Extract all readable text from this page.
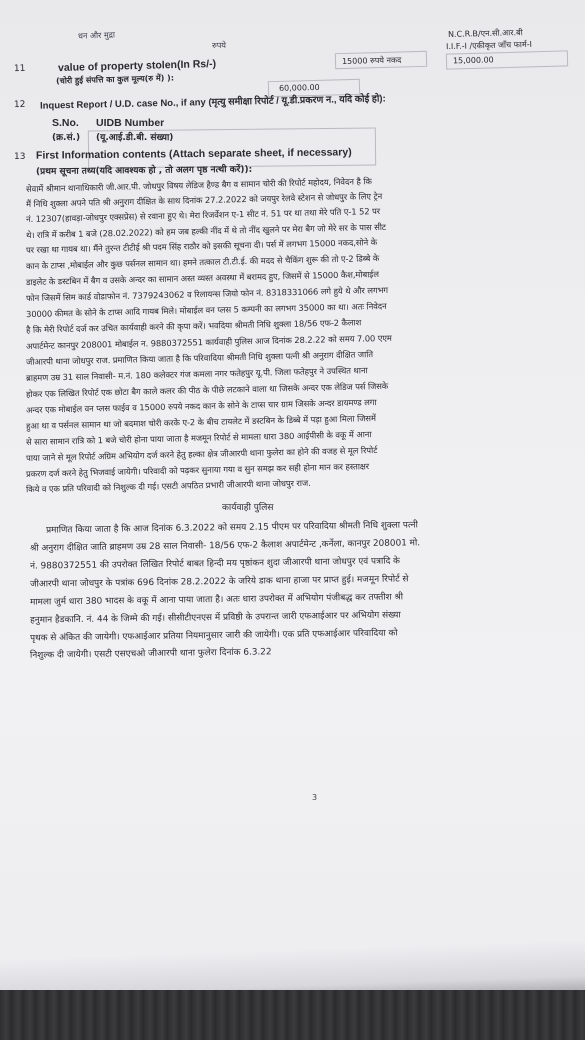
धन और मुद्रा
रुपये
15000 रुपये नकद
N.C.R.B/एन.सी.आर.बी
I.I.F.-I /एकीकृत जाँच फार्म-I
15,000.00
11	value of property stolen(In Rs/-)
(चोरी हुई संपत्ति का कुल मूल्य(रु में) ):
60,000.00
12 Inquest Report / U.D. case No., if any (मृत्यु समीक्षा रिपोर्ट / यू.डी.प्रकरण न., यदि कोई हो):
S.No.
(क्र.सं.)
UIDB Number
(यू.आई.डी.बी. संख्या)
13 First Information contents (Attach separate sheet, if necessary)
(प्रथम सूचना तथ्य(यदि आवश्यक हो , तो अलग पृष्ठ नत्थी करें)):
सेवामें श्रीमान थानाधिकारी जी.आर.पी. जोधपुर विषय लेडिज हैण्ड बैग व सामान चोरी की रिपोर्ट महोदय, निवेदन है कि
मैं निधि शुक्ला अपने पति श्री अनुराग दीक्षित के साथ दिनांक 27.2.2022 को जयपुर रेलवे स्टेशन से जोधपुर के लिए ट्रेन
नं. 12307(हावड़ा-जोधपुर एक्सप्रेस) से रवाना हुए थे। मेरा रिजर्वेशन ए-1 सीट नं. 51 पर था तथा मेरे पति ए-1 52 पर
थे। रात्रि में करीब 1 बजे (28.02.2022) को हम जब हल्की नींद में थे तो नींद खुलने पर मेरा बैग जो मेरे सर के पास सीट
पर रखा था गायब था। मैंने तुरन्त टीटीई श्री पदम सिंह राठौर को इसकी सूचना दी। पर्स में लगभग 15000 नकद,सोने के
कान के टाप्स ,मोबाईल और कुछ पर्सनल सामान था। हमने तत्काल टी.टी.ई. की मदद से चैकिंग शुरू की तो ए-2 डिब्बे के
डाइलेट के डस्टबिन में बैग व उसके अन्दर का सामान अस्त व्यस्त अवस्था में बरामद हुए, जिसमें से 15000 कैश,मोबाईल
फोन जिसमें सिम कार्ड वोडाफोन नं. 7379243062 व रिलायन्स जियो फोन नं. 8318331066 लगे हुये थे और लगभग
30000 कीमत के सोने के टाप्स आदि गायब मिले। मोबाईल वन प्लस 5 कम्पनी का लगभग 35000 का था। अतः निवेदन
है कि मेरी रिपोर्ट दर्ज कर उचित कार्यवाही करने की कृपा करें। भवदिया श्रीमती निधि शुक्ला 18/56 एफ-2 कैलाश
अपार्टमेन्ट कानपुर 208001 मोबाईल न. 9880372551 कार्यवाही पुलिस आज दिनांक 28.2.22 को समय 7.00 एएम
जीआरपी थाना जोधपुर राज. प्रमाणित किया जाता है कि परिवादिया श्रीमती निधि शुक्ला पत्नी श्री अनुराग दीक्षित जाति
ब्राहमण उम्र 31 साल निवासी- म.नं. 180 कलेक्टर गंज कमला नगर फतेहपुर यू.पी. जिला फतेहपुर ने उपस्थित थाना
होकर एक लिखित रिपोर्ट एक छोटा बैग काले कलर की पीठ के पीछे लटकाने वाला था जिसके अन्दर एक लेडिज पर्स जिसके
अन्दर एक मोबाईल वन प्लस फाईव व 15000 रुपये नकद कान के सोने के टाप्स चार ग्राम जिसके अन्दर डायमण्ड लगा
हुआ था व पर्सनल सामान था जो बदमाश चोरी करके ए-2 के बीच टायलेट में डस्टबिन के डिब्बे में पड़ा हुआ मिला जिसमें
से सारा सामान रात्रि को 1 बजे चोरी होना पाया जाता है मजमून रिपोर्ट से मामला धारा 380 आईपीसी के वकू में आना
पाया जाने से मूल रिपोर्ट अग्रिम अभियोग दर्ज करने हेतु हल्का क्षेत्र जीआरपी थाना फुलेरा का होने की वजह से मूल रिपोर्ट
प्रकरण दर्ज करने हेतु भिजवाई जायेगी। परिवादी को पढ़कर सुनाया गया व सुन समझ कर सही होना मान कर हस्ताक्षर
किये व एक प्रति परिवादी को निशुल्क दी गई। एसटी अपठित प्रभारी जीआरपी थाना जोधपुर राज.
कार्यवाही पुलिस
प्रमाणित किया जाता है कि आज दिनांक 6.3.2022 को समय 2.15 पीएम पर परिवादिया श्रीमती निधि शुक्ला पत्नी
श्री अनुराग दीक्षित जाति ब्राहमण उम्र 28 साल निवासी- 18/56 एफ-2 कैलाश अपार्टमेन्ट ,कर्नेला, कानपुर 208001 मो.
नं. 9880372551 की उपरोक्त लिखित रिपोर्ट बाबत हिन्दी मय पृष्ठांकन शुदा जीआरपी थाना जोधपुर एवं पत्रादि के
जीआरपी थाना जोधपुर के पत्रांक 696 दिनांक 28.2.2022 के जरिये डाक थाना हाजा पर प्राप्त हुई। मजमून रिपोर्ट से
मामला जुर्म धारा 380 भादस के वकू में आना पाया जाता है। अतः धारा उपरोक्त में अभियोग पंजीबद्ध कर तफ्तीश श्री
हनुमान हैडकानि. नं. 44 के जिम्मे की गई। सीसीटीएनएस में प्रविष्ठी के उपरान्त जारी एफआईआर पर अभियोग संख्या
पृथक से अंकित की जायेगी। एफआईआर प्रतिया नियमानुसार जारी की जायेगी। एक प्रति एफआईआर परिवादिया को
निशुल्क दी जायेगी। एसटी एसएचओ जीआरपी थाना फुलेरा दिनांक 6.3.22
3
